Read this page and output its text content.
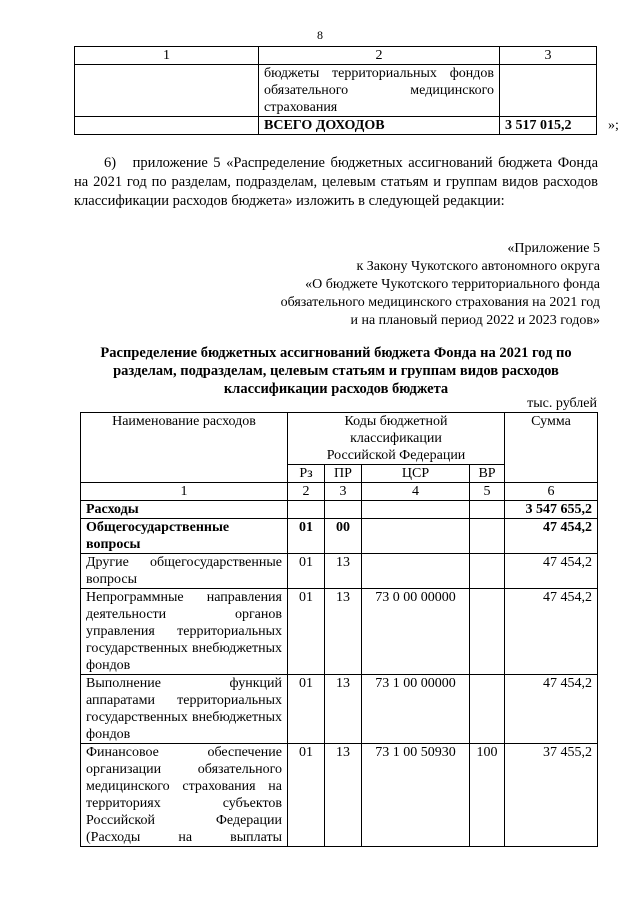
8
1	2	3
	бюджеты территориальных фондов обязательного медицинского страхования	
	ВСЕГО ДОХОДОВ	3 517 015,2	»;
6) приложение 5 «Распределение бюджетных ассигнований бюджета Фонда на 2021 год по разделам, подразделам, целевым статьям и группам видов расходов классификации расходов бюджета» изложить в следующей редакции:
«Приложение 5
к Закону Чукотского автономного округа
«О бюджете Чукотского территориального фонда
обязательного медицинского страхования на 2021 год
и на плановый период 2022 и 2023 годов»
Распределение бюджетных ассигнований бюджета Фонда на 2021 год по разделам, подразделам, целевым статьям и группам видов расходов классификации расходов бюджета
тыс. рублей
Наименование расходов	Коды бюджетной классификации Российской Федерации				Сумма
	Рз	ПР	ЦСР	ВР	
1	2	3	4	5	6
Расходы					3 547 655,2
Общегосударственные вопросы	01	00			47 454,2
Другие общегосударственные вопросы	01	13			47 454,2
Непрограммные направления деятельности органов управления территориальных государственных внебюджетных фондов	01	13	73 0 00 00000		47 454,2
Выполнение функций аппаратами территориальных государственных внебюджетных фондов	01	13	73 1 00 00000		47 454,2
Финансовое обеспечение организации обязательного медицинского страхования на территориях субъектов Российской Федерации (Расходы на выплаты	01	13	73 1 00 50930	100	37 455,2
